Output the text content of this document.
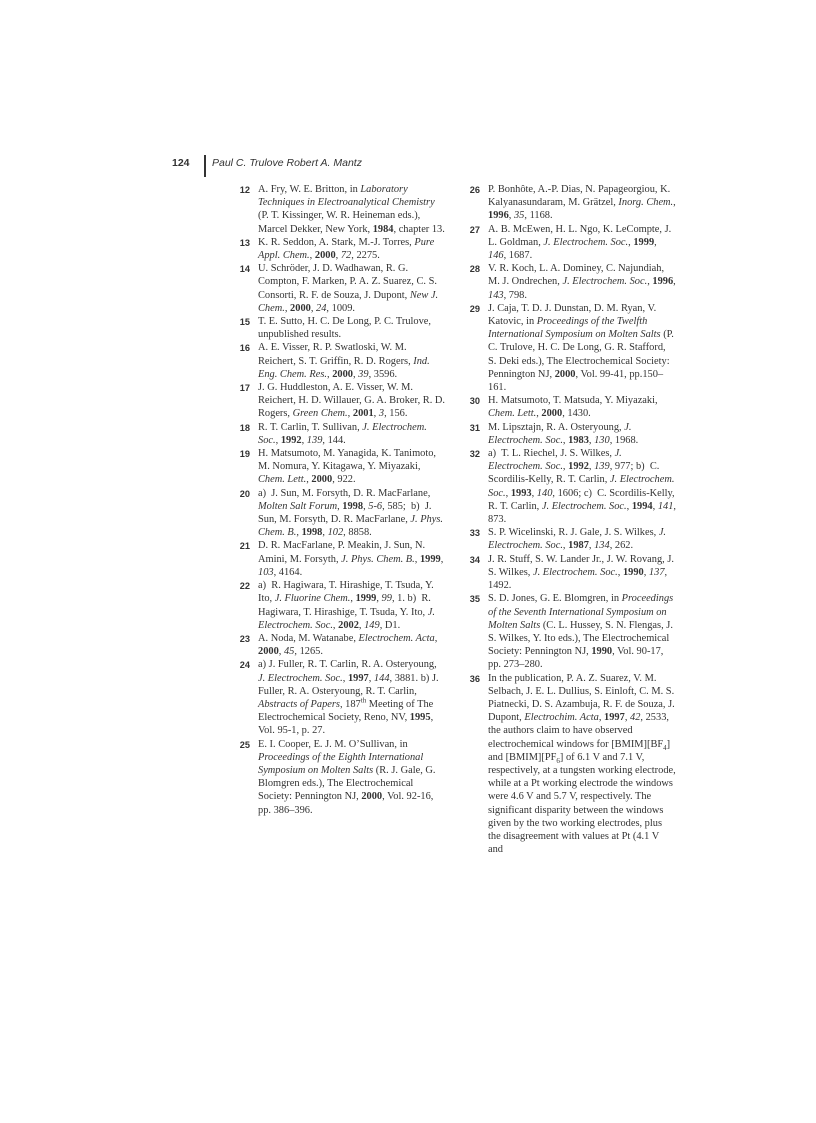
124 Paul C. Trulove Robert A. Mantz

12 A. Fry, W. E. Britton, in Laboratory Techniques in Electroanalytical Chemistry (P. T. Kissinger, W. R. Heineman eds.), Marcel Dekker, New York, 1984, chapter 13.

13 K. R. Seddon, A. Stark, M.-J. Torres, Pure Appl. Chem., 2000, 72, 2275.

14 U. Schröder, J. D. Wadhawan, R. G. Compton, F. Marken, P. A. Z. Suarez, C. S. Consorti, R. F. de Souza, J. Dupont, New J. Chem., 2000, 24, 1009.

15 T. E. Sutto, H. C. De Long, P. C. Trulove, unpublished results.

16 A. E. Visser, R. P. Swatloski, W. M. Reichert, S. T. Griffin, R. D. Rogers, Ind. Eng. Chem. Res., 2000, 39, 3596.

17 J. G. Huddleston, A. E. Visser, W. M. Reichert, H. D. Willauer, G. A. Broker, R. D. Rogers, Green Chem., 2001, 3, 156.

18 R. T. Carlin, T. Sullivan, J. Electrochem. Soc., 1992, 139, 144.

19 H. Matsumoto, M. Yanagida, K. Tanimoto, M. Nomura, Y. Kitagawa, Y. Miyazaki, Chem. Lett., 2000, 922.

20 a)  J. Sun, M. Forsyth, D. R. MacFarlane, Molten Salt Forum, 1998, 5-6, 585;  b)  J. Sun, M. Forsyth, D. R. MacFarlane, J. Phys. Chem. B., 1998, 102, 8858.

21 D. R. MacFarlane, P. Meakin, J. Sun, N. Amini, M. Forsyth, J. Phys. Chem. B., 1999, 103, 4164.

22 a)  R. Hagiwara, T. Hirashige, T. Tsuda, Y. Ito, J. Fluorine Chem., 1999, 99, 1. b)  R. Hagiwara, T. Hirashige, T. Tsuda, Y. Ito, J. Electrochem. Soc., 2002, 149, D1.

23 A. Noda, M. Watanabe, Electrochem. Acta, 2000, 45, 1265.

24 a) J. Fuller, R. T. Carlin, R. A. Osteryoung, J. Electrochem. Soc., 1997, 144, 3881. b) J. Fuller, R. A. Osteryoung, R. T. Carlin, Abstracts of Papers, 187th Meeting of The Electrochemical Society, Reno, NV, 1995, Vol. 95-1, p. 27.

25 E. I. Cooper, E. J. M. O’Sullivan, in Proceedings of the Eighth International Symposium on Molten Salts (R. J. Gale, G. Blomgren eds.), The Electrochemical Society: Pennington NJ, 2000, Vol. 92-16, pp. 386–396.

26 P. Bonhôte, A.-P. Dias, N. Papageorgiou, K. Kalyanasundaram, M. Grätzel, Inorg. Chem., 1996, 35, 1168.

27 A. B. McEwen, H. L. Ngo, K. LeCompte, J. L. Goldman, J. Electrochem. Soc., 1999, 146, 1687.

28 V. R. Koch, L. A. Dominey, C. Najundiah, M. J. Ondrechen, J. Electrochem. Soc., 1996, 143, 798.

29 J. Caja, T. D. J. Dunstan, D. M. Ryan, V. Katovic, in Proceedings of the Twelfth International Symposium on Molten Salts (P. C. Trulove, H. C. De Long, G. R. Stafford, S. Deki eds.), The Electrochemical Society: Pennington NJ, 2000, Vol. 99-41, pp.150–161.

30 H. Matsumoto, T. Matsuda, Y. Miyazaki, Chem. Lett., 2000, 1430.

31 M. Lipsztajn, R. A. Osteryoung, J. Electrochem. Soc., 1983, 130, 1968.

32 a)  T. L. Riechel, J. S. Wilkes, J. Electrochem. Soc., 1992, 139, 977; b)  C. Scordilis-Kelly, R. T. Carlin, J. Electrochem. Soc., 1993, 140, 1606; c)  C. Scordilis-Kelly, R. T. Carlin, J. Electrochem. Soc., 1994, 141, 873.

33 S. P. Wicelinski, R. J. Gale, J. S. Wilkes, J. Electrochem. Soc., 1987, 134, 262.

34 J. R. Stuff, S. W. Lander Jr., J. W. Rovang, J. S. Wilkes, J. Electrochem. Soc., 1990, 137, 1492.

35 S. D. Jones, G. E. Blomgren, in Proceedings of the Seventh International Symposium on Molten Salts (C. L. Hussey, S. N. Flengas, J. S. Wilkes, Y. Ito eds.), The Electrochemical Society: Pennington NJ, 1990, Vol. 90-17, pp. 273–280.

36 In the publication, P. A. Z. Suarez, V. M. Selbach, J. E. L. Dullius, S. Einloft, C. M. S. Piatnecki, D. S. Azambuja, R. F. de Souza, J. Dupont, Electrochim. Acta, 1997, 42, 2533, the authors claim to have observed electrochemical windows for $[BMIM][BF_4]$ and $[BMIM][PF_6]$ of 6.1 V and 7.1 V, respectively, at a tungsten working electrode, while at a Pt working electrode the windows were 4.6 V and 5.7 V, respectively. The significant disparity between the windows given by the two working electrodes, plus the disagreement with values at Pt (4.1 V and
